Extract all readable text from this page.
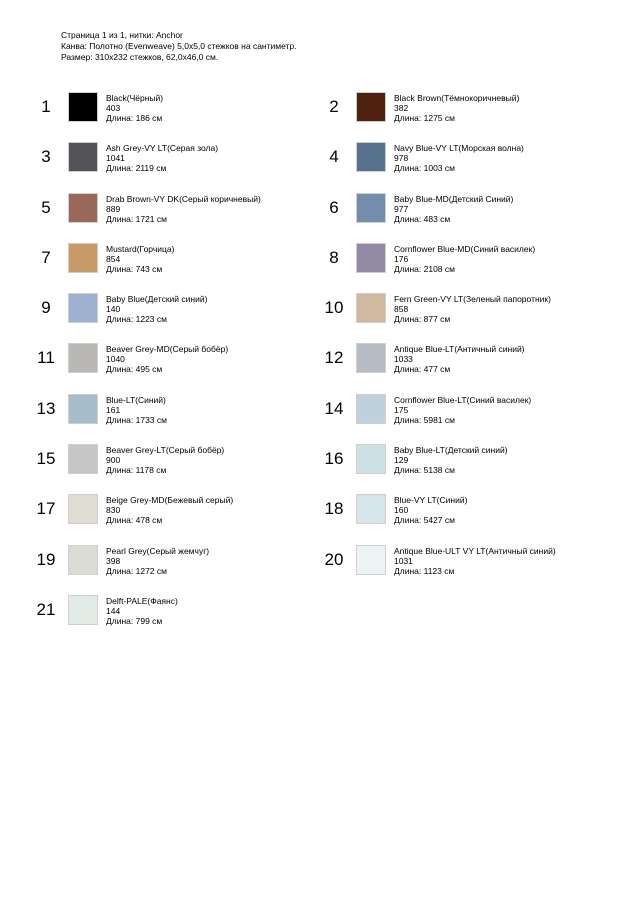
Страница 1 из 1, нитки: Anchor
Канва: Полотно (Evenweave) 5,0x5,0 стежков на сантиметр.
Размер: 310x232 стежков, 62,0x46,0 см.
1	Black(Чёрный)
403
Длина: 186 см
2	Black Brown(Тёмнокоричневый)
382
Длина: 1275 см
3	Ash Grey-VY LT(Серая зола)
1041
Длина: 2119 см
4	Navy Blue-VY LT(Морская волна)
978
Длина: 1003 см
5	Drab Brown-VY DK(Серый коричневый)
889
Длина: 1721 см
6	Baby Blue-MD(Детский Синий)
977
Длина: 483 см
7	Mustard(Горчица)
854
Длина: 743 см
8	Cornflower Blue-MD(Синий василек)
176
Длина: 2108 см
9	Baby Blue(Детский синий)
140
Длина: 1223 см
10	Fern Green-VY LT(Зеленый папоротник)
858
Длина: 877 см
11	Beaver Grey-MD(Серый бобёр)
1040
Длина: 495 см
12	Antique Blue-LT(Античный синий)
1033
Длина: 477 см
13	Blue-LT(Синий)
161
Длина: 1733 см
14	Cornflower Blue-LT(Синий василек)
175
Длина: 5981 см
15	Beaver Grey-LT(Серый бобёр)
900
Длина: 1178 см
16	Baby Blue-LT(Детский синий)
129
Длина: 5138 см
17	Beige Grey-MD(Бежевый серый)
830
Длина: 478 см
18	Blue-VY LT(Синий)
160
Длина: 5427 см
19	Pearl Grey(Серый жемчуг)
398
Длина: 1272 см
20	Antique Blue-ULT VY LT(Античный синий)
1031
Длина: 1123 см
21	Delft-PALE(Фаянс)
144
Длина: 799 см
